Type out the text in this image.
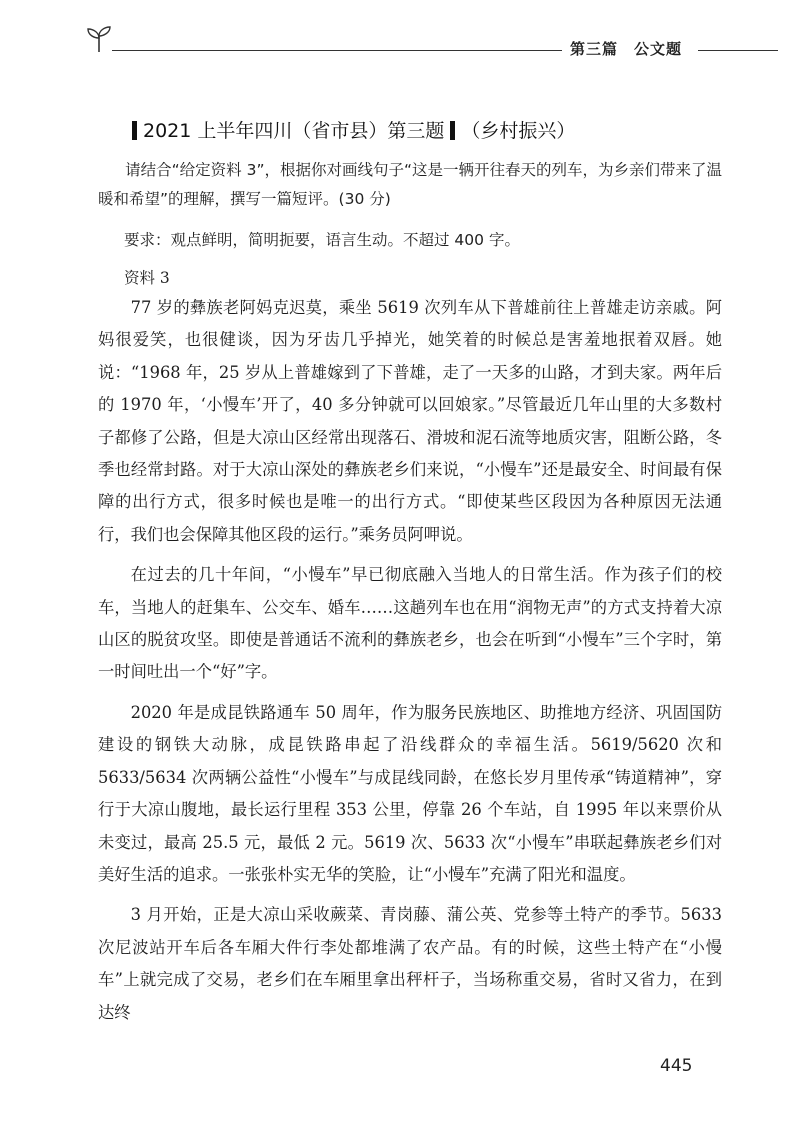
第三篇　公文题
2021 上半年四川（省市县）第三题 （乡村振兴）
请结合“给定资料 3”，根据你对画线句子“这是一辆开往春天的列车，为乡亲们带来了温暖和希望”的理解，撰写一篇短评。(30 分)
要求：观点鲜明，简明扼要，语言生动。不超过 400 字。
资料 3

77 岁的彝族老阿妈克迟莫，乘坐 5619 次列车从下普雄前往上普雄走访亲戚。阿妈很爱笑，也很健谈，因为牙齿几乎掉光，她笑着的时候总是害羞地抿着双唇。她说：“1968 年，25 岁从上普雄嫁到了下普雄，走了一天多的山路，才到夫家。两年后的 1970 年，‘小慢车’开了，40 多分钟就可以回娘家。”尽管最近几年山里的大多数村子都修了公路，但是大凉山区经常出现落石、滑坡和泥石流等地质灾害，阻断公路，冬季也经常封路。对于大凉山深处的彝族老乡们来说，“小慢车”还是最安全、时间最有保障的出行方式，很多时候也是唯一的出行方式。“即使某些区段因为各种原因无法通行，我们也会保障其他区段的运行。”乘务员阿呷说。

在过去的几十年间，“小慢车”早已彻底融入当地人的日常生活。作为孩子们的校车，当地人的赶集车、公交车、婚车……这趟列车也在用“润物无声”的方式支持着大凉山区的脱贫攻坚。即使是普通话不流利的彝族老乡，也会在听到“小慢车”三个字时，第一时间吐出一个“好”字。

2020 年是成昆铁路通车 50 周年，作为服务民族地区、助推地方经济、巩固国防建设的钢铁大动脉，成昆铁路串起了沿线群众的幸福生活。5619/5620 次和 5633/5634 次两辆公益性“小慢车”与成昆线同龄，在悠长岁月里传承“铸道精神”，穿行于大凉山腹地，最长运行里程 353 公里，停靠 26 个车站，自 1995 年以来票价从未变过，最高 25.5 元，最低 2 元。5619 次、5633 次“小慢车”串联起彝族老乡们对美好生活的追求。一张张朴实无华的笑脸，让“小慢车”充满了阳光和温度。

3 月开始，正是大凉山采收蕨菜、青岗藤、蒲公英、党参等土特产的季节。5633 次尼波站开车后各车厢大件行李处都堆满了农产品。有的时候，这些土特产在“小慢车”上就完成了交易，老乡们在车厢里拿出秤杆子，当场称重交易，省时又省力，在到达终

445
